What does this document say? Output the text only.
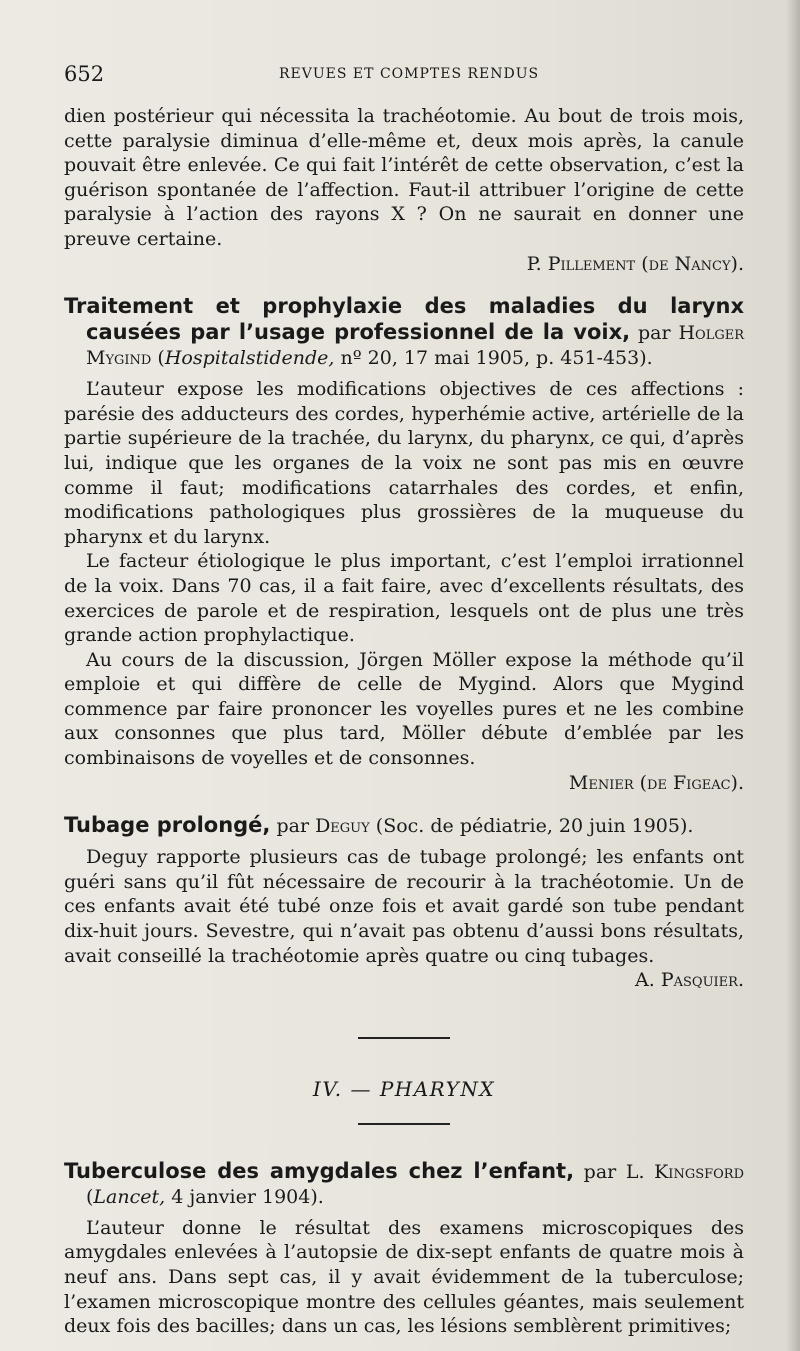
652	REVUES ET COMPTES RENDUS

dien postérieur qui nécessita la trachéotomie. Au bout de trois mois, cette paralysie diminua d’elle-même et, deux mois après, la canule pouvait être enlevée. Ce qui fait l’intérêt de cette observation, c’est la guérison spontanée de l’affection. Faut-il attribuer l’origine de cette paralysie à l’action des rayons X ? On ne saurait en donner une preuve certaine.

P. Pillement (de Nancy).

Traitement et prophylaxie des maladies du larynx causées par l’usage professionnel de la voix, par Holger Mygind (Hospitalstidende, nº 20, 17 mai 1905, p. 451-453).

L’auteur expose les modifications objectives de ces affections : parésie des adducteurs des cordes, hyperhémie active, artérielle de la partie supérieure de la trachée, du larynx, du pharynx, ce qui, d’après lui, indique que les organes de la voix ne sont pas mis en œuvre comme il faut; modifications catarrhales des cordes, et enfin, modifications pathologiques plus grossières de la muqueuse du pharynx et du larynx.

Le facteur étiologique le plus important, c’est l’emploi irrationnel de la voix. Dans 70 cas, il a fait faire, avec d’excellents résultats, des exercices de parole et de respiration, lesquels ont de plus une très grande action prophylactique.

Au cours de la discussion, Jörgen Möller expose la méthode qu’il emploie et qui diffère de celle de Mygind. Alors que Mygind commence par faire prononcer les voyelles pures et ne les combine aux consonnes que plus tard, Möller débute d’emblée par les combinaisons de voyelles et de consonnes.

Menier (de Figeac).

Tubage prolongé, par Deguy (Soc. de pédiatrie, 20 juin 1905).

Deguy rapporte plusieurs cas de tubage prolongé; les enfants ont guéri sans qu’il fût nécessaire de recourir à la trachéotomie. Un de ces enfants avait été tubé onze fois et avait gardé son tube pendant dix-huit jours. Sevestre, qui n’avait pas obtenu d’aussi bons résultats, avait conseillé la trachéotomie après quatre ou cinq tubages.

A. Pasquier.

IV. — PHARYNX

Tuberculose des amygdales chez l’enfant, par L. Kingsford (Lancet, 4 janvier 1904).

L’auteur donne le résultat des examens microscopiques des amygdales enlevées à l’autopsie de dix-sept enfants de quatre mois à neuf ans. Dans sept cas, il y avait évidemment de la tuberculose; l’examen microscopique montre des cellules géantes, mais seulement deux fois des bacilles; dans un cas, les lésions semblèrent primitives;
